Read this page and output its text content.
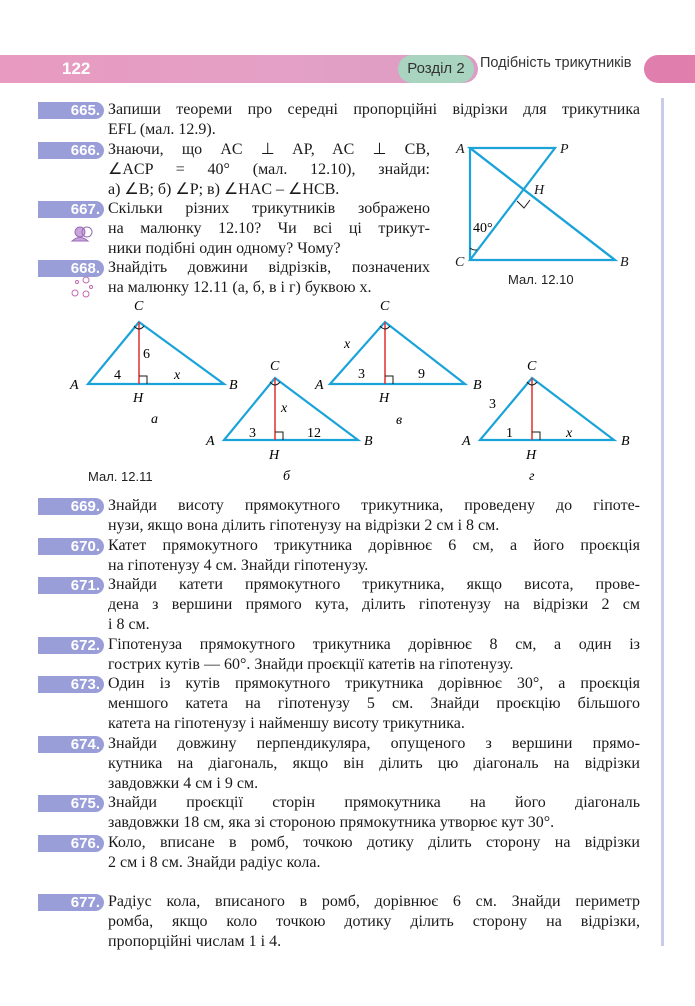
122	Розділ 2	Подібність трикутників
665. Запиши теореми про середні пропорційні відрізки для трикутника
EFL (мал. 12.9).
666. Знаючи, що AC ⊥ AP, AC ⊥ CB,
∠ACP = 40° (мал. 12.10), знайди:
а) ∠B; б) ∠P; в) ∠HAC – ∠HCB.
667. Скільки різних трикутників зображено
на малюнку 12.10? Чи всі ці трикут-
ники подібні один одному? Чому?
668. Знайдіть довжини відрізків, позначених
на малюнку 12.11 (а, б, в і г) буквою x.
669. Знайди висоту прямокутного трикутника, проведену до гіпоте-
нузи, якщо вона ділить гіпотенузу на відрізки 2 см і 8 см.
670. Катет прямокутного трикутника дорівнює 6 см, а його проєкція
на гіпотенузу 4 см. Знайди гіпотенузу.
671. Знайди катети прямокутного трикутника, якщо висота, прове-
дена з вершини прямого кута, ділить гіпотенузу на відрізки 2 см
і 8 см.
672. Гіпотенуза прямокутного трикутника дорівнює 8 см, а один із
гострих кутів — 60°. Знайди проєкції катетів на гіпотенузу.
673. Один із кутів прямокутного трикутника дорівнює 30°, а проєкція
меншого катета на гіпотенузу 5 см. Знайди проєкцію більшого
катета на гіпотенузу і найменшу висоту трикутника.
674. Знайди довжину перпендикуляра, опущеного з вершини прямо-
кутника на діагональ, якщо він ділить цю діагональ на відрізки
завдовжки 4 см і 9 см.
675. Знайди проєкції сторін прямокутника на його діагональ
завдовжки 18 см, яка зі стороною прямокутника утворює кут 30°.
676. Коло, вписане в ромб, точкою дотику ділить сторону на відрізки
2 см і 8 см. Знайди радіус кола.
677. Радіус кола, вписаного в ромб, дорівнює 6 см. Знайди периметр
ромба, якщо коло точкою дотику ділить сторону на відрізки,
пропорційні числам 1 і 4.
A	P
H
C	B
40°
C
A	B
H
x
6
4
а
C
A	B
H
x
3	12
б
C
A	B
H
x
3	9
в
C
A	B
H
x
3
1
г
Мал. 12.10
Мал. 12.11
